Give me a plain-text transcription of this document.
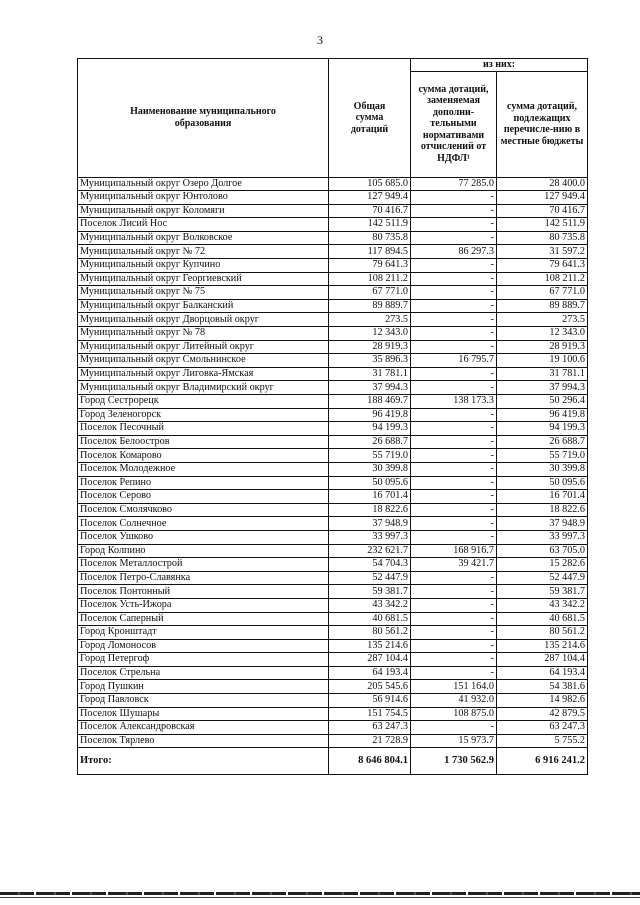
3
Наименование муниципального образования	Общая сумма дотаций	из них:	
		сумма дотаций, заменяемая дополни-тельными нормативами отчислений от НДФЛ¹	сумма дотаций, подлежащих перечисле-нию в местные бюджеты
Муниципальный округ Озеро Долгое	105 685.0	77 285.0	28 400.0
Муниципальный округ Юнтолово	127 949.4	-	127 949.4
Муниципальный округ Коломяги	70 416.7	-	70 416.7
Поселок Лисий Нос	142 511.9	-	142 511.9
Муниципальный округ Волковское	80 735.8	-	80 735.8
Муниципальный округ № 72	117 894.5	86 297.3	31 597.2
Муниципальный округ Купчино	79 641.3	-	79 641.3
Муниципальный округ Георгиевский	108 211.2	-	108 211.2
Муниципальный округ № 75	67 771.0	-	67 771.0
Муниципальный округ Балканский	89 889.7	-	89 889.7
Муниципальный округ Дворцовый округ	273.5	-	273.5
Муниципальный округ № 78	12 343.0	-	12 343.0
Муниципальный округ Литейный округ	28 919.3	-	28 919.3
Муниципальный округ Смольнинское	35 896.3	16 795.7	19 100.6
Муниципальный округ Лиговка-Ямская	31 781.1	-	31 781.1
Муниципальный округ Владимирский округ	37 994.3	-	37 994.3
Город Сестрорецк	188 469.7	138 173.3	50 296.4
Город Зеленогорск	96 419.8	-	96 419.8
Поселок Песочный	94 199.3	-	94 199.3
Поселок Белоостров	26 688.7	-	26 688.7
Поселок Комарово	55 719.0	-	55 719.0
Поселок Молодежное	30 399.8	-	30 399.8
Поселок Репино	50 095.6	-	50 095.6
Поселок Серово	16 701.4	-	16 701.4
Поселок Смолячково	18 822.6	-	18 822.6
Поселок Солнечное	37 948.9	-	37 948.9
Поселок Ушково	33 997.3	-	33 997.3
Город Колпино	232 621.7	168 916.7	63 705.0
Поселок Металлострой	54 704.3	39 421.7	15 282.6
Поселок Петро-Славянка	52 447.9	-	52 447.9
Поселок Понтонный	59 381.7	-	59 381.7
Поселок Усть-Ижора	43 342.2	-	43 342.2
Поселок Саперный	40 681.5	-	40 681.5
Город Кронштадт	80 561.2	-	80 561.2
Город Ломоносов	135 214.6	-	135 214.6
Город Петергоф	287 104.4	-	287 104.4
Поселок Стрельна	64 193.4	-	64 193.4
Город Пушкин	205 545.6	151 164.0	54 381.6
Город Павловск	56 914.6	41 932.0	14 982.6
Поселок Шушары	151 754.5	108 875.0	42 879.5
Поселок Александровская	63 247.3	-	63 247.3
Поселок Тярлево	21 728.9	15 973.7	5 755.2
Итого:	8 646 804.1	1 730 562.9	6 916 241.2
